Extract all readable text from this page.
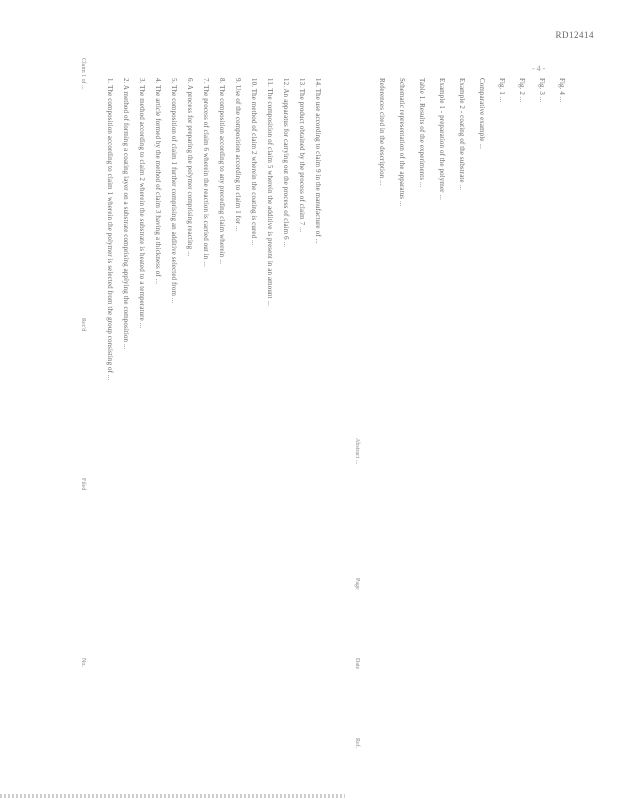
RD12414
- 4 -
Claim 1 of ...
1. The composition according to claim 1 wherein the polymer is selected from the group consisting of ... 2. A method of forming a coating layer on a substrate comprising applying the composition ... 3. The method according to claim 2 wherein the substrate is heated to a temperature ... 4. The article formed by the method of claim 3 having a thickness of ... 5. The composition of claim 1 further comprising an additive selected from ... 6. A process for preparing the polymer comprising reacting ... 7. The process of claim 6 wherein the reaction is carried out in ... 8. The composition according to any preceding claim wherein ... 9. Use of the composition according to claim 1 for ... 10. The method of claim 2 wherein the coating is cured ... 11. The composition of claim 5 wherein the additive is present in an amount ... 12. An apparatus for carrying out the process of claim 6 ... 13. The product obtained by the process of claim 7 ... 14. The use according to claim 9 in the manufacture of ...
Rec'd
Filed
No.
Abstract ...
References cited in the description ... Schematic representation of the apparatus ... Table 1. Results of the experiments ... Example 1 - preparation of the polymer ... Example 2 - coating of the substrate ... Comparative example ... Fig. 1 ... Fig. 2 ... Fig. 3 ... Fig. 4 ...
Page
Date
Ref.
